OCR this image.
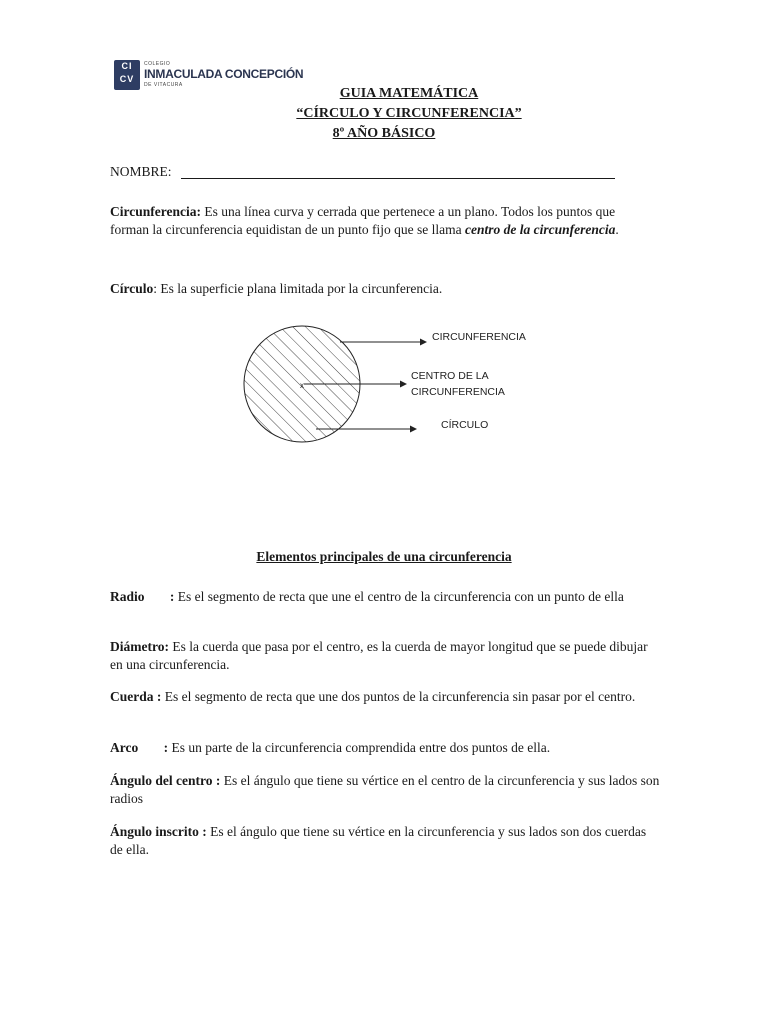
CI
CV
COLEGIO
INMACULADA CONCEPCIÓN
DE VITACURA
GUIA MATEMÁTICA
“CÍRCULO Y CIRCUNFERENCIA”
8º AÑO BÁSICO
NOMBRE:
Circunferencia: Es una línea curva y cerrada que pertenece a un plano. Todos los puntos que forman la circunferencia equidistan de un punto fijo que se llama centro de la circunferencia.
Círculo: Es la superficie plana limitada por la circunferencia.
x
CIRCUNFERENCIA
CENTRO DE LA
CIRCUNFERENCIA
CÍRCULO
Elementos principales de una circunferencia
Radio : Es el segmento de recta que une el centro de la circunferencia con un punto de ella
Diámetro: Es la cuerda que pasa por el centro, es la cuerda de mayor longitud que se puede dibujar en una circunferencia.
Cuerda : Es el segmento de recta que une dos puntos de la circunferencia sin pasar por el centro.
Arco : Es un parte de la circunferencia comprendida entre dos puntos de ella.
Ángulo del centro : Es el ángulo que tiene su vértice en el centro de la circunferencia y sus lados son radios
Ángulo inscrito : Es el ángulo que tiene su vértice en la circunferencia y sus lados son dos cuerdas de ella.
